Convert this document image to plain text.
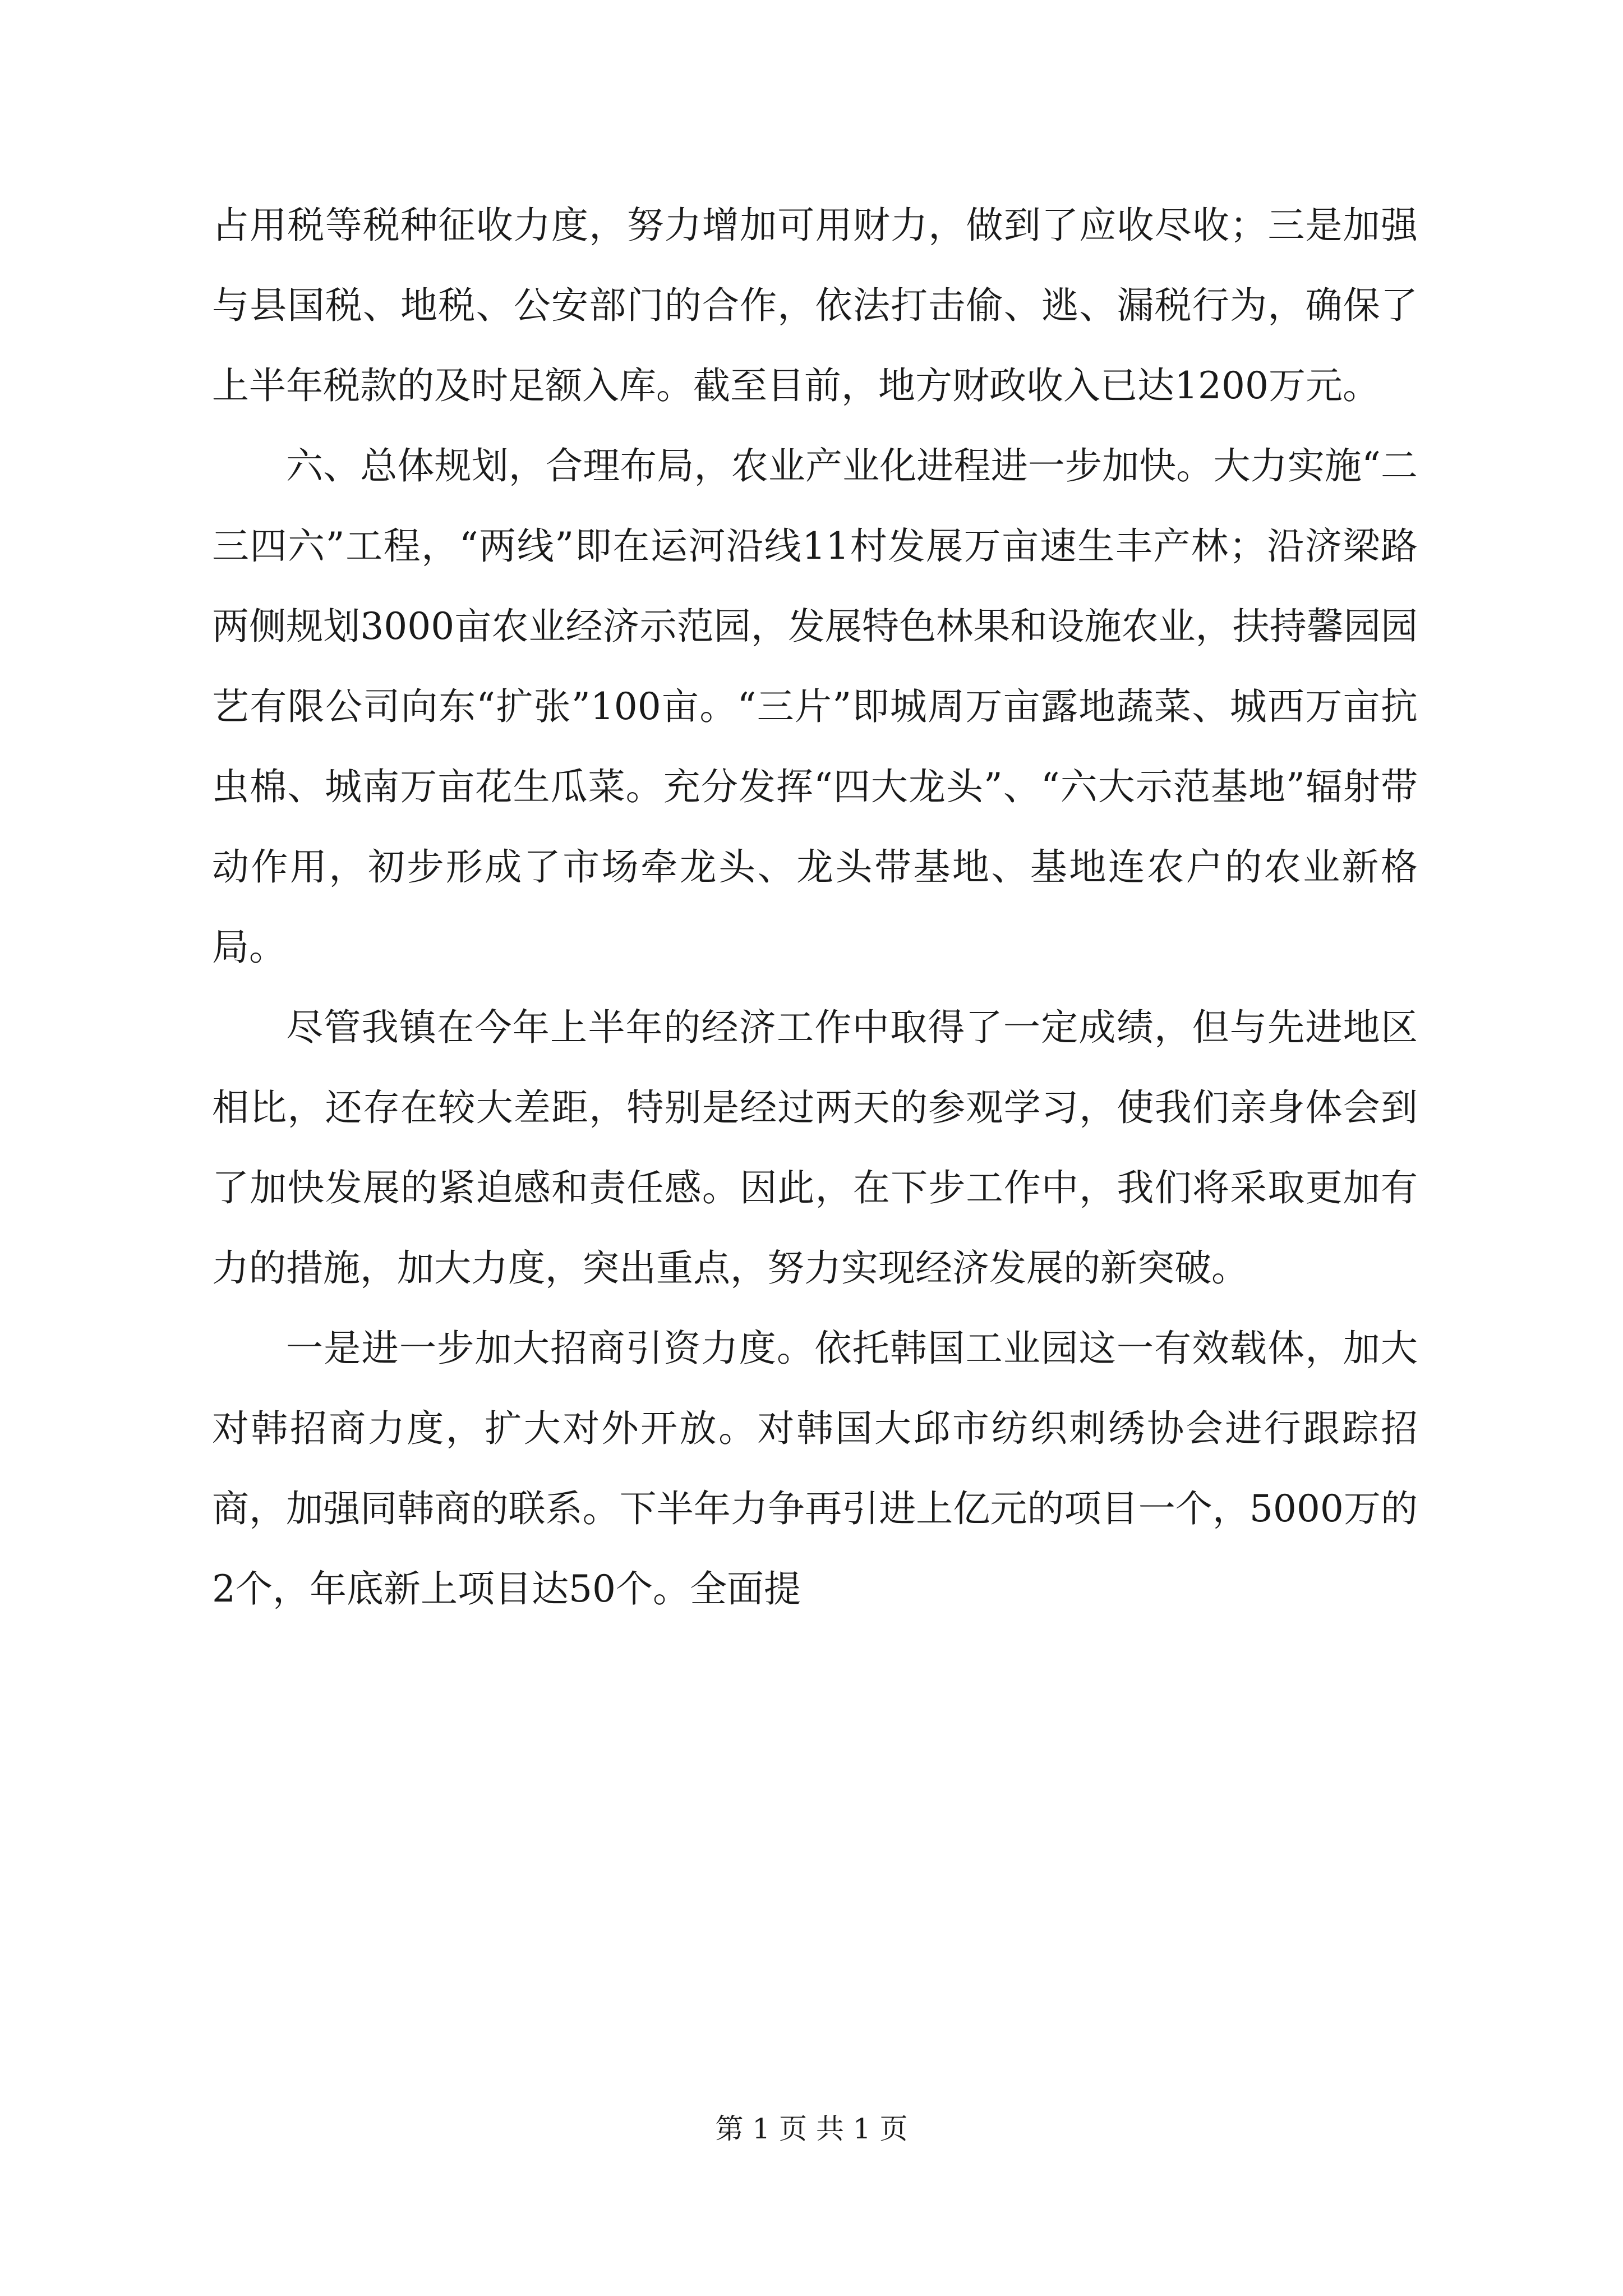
占用税等税种征收力度，努力增加可用财力，做到了应收尽收；三是加强与县国税、地税、公安部门的合作，依法打击偷、逃、漏税行为，确保了上半年税款的及时足额入库。截至目前，地方财政收入已达1200万元。

六、总体规划，合理布局，农业产业化进程进一步加快。大力实施“二三四六”工程，“两线”即在运河沿线11村发展万亩速生丰产林；沿济梁路两侧规划3000亩农业经济示范园，发展特色林果和设施农业，扶持馨园园艺有限公司向东“扩张”100亩。“三片”即城周万亩露地蔬菜、城西万亩抗虫棉、城南万亩花生瓜菜。充分发挥“四大龙头”、“六大示范基地”辐射带动作用，初步形成了市场牵龙头、龙头带基地、基地连农户的农业新格局。

尽管我镇在今年上半年的经济工作中取得了一定成绩，但与先进地区相比，还存在较大差距，特别是经过两天的参观学习，使我们亲身体会到了加快发展的紧迫感和责任感。因此，在下步工作中，我们将采取更加有力的措施，加大力度，突出重点，努力实现经济发展的新突破。

一是进一步加大招商引资力度。依托韩国工业园这一有效载体，加大对韩招商力度，扩大对外开放。对韩国大邱市纺织刺绣协会进行跟踪招商，加强同韩商的联系。下半年力争再引进上亿元的项目一个，5000万的2个，年底新上项目达50个。全面提

第 1 页 共 1 页
